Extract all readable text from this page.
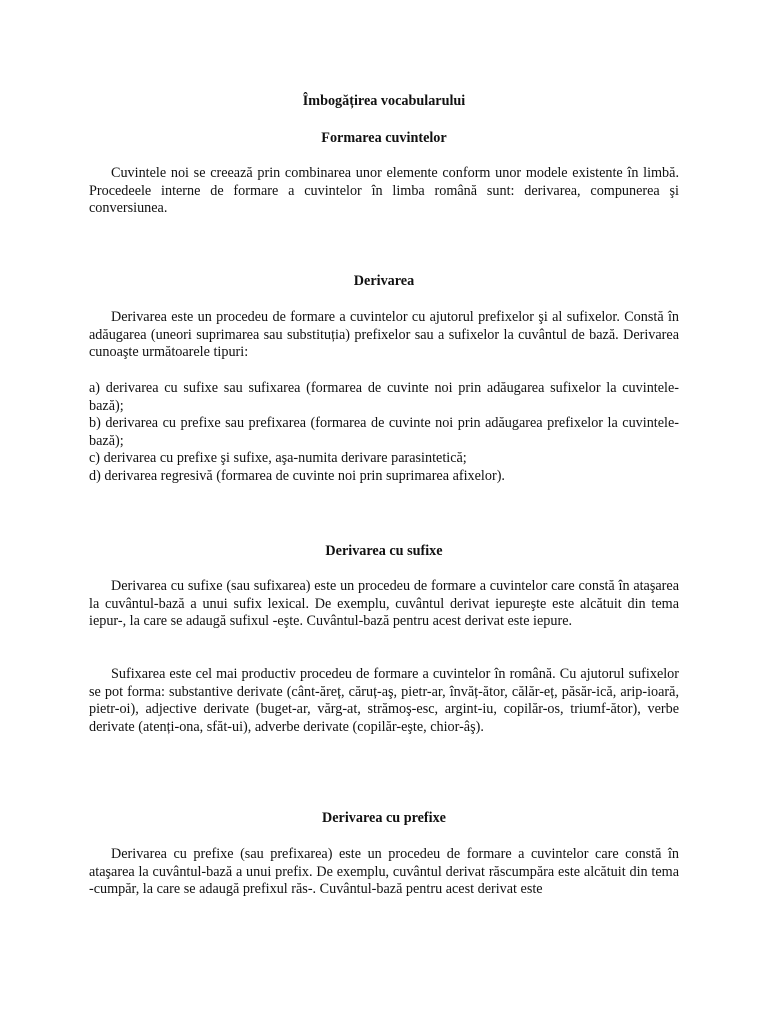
Îmbogățirea vocabularului

Formarea cuvintelor

Cuvintele noi se creează prin combinarea unor elemente conform unor modele existente în limbă. Procedeele interne de formare a cuvintelor în limba română sunt: derivarea, compunerea şi conversiunea.

Derivarea

Derivarea este un procedeu de formare a cuvintelor cu ajutorul prefixelor şi al sufixelor. Constă în adăugarea (uneori suprimarea sau substituția) prefixelor sau a sufixelor la cuvântul de bază. Derivarea cunoaşte următoarele tipuri:

a) derivarea cu sufixe sau sufixarea (formarea de cuvinte noi prin adăugarea sufixelor la cuvintele-bază);
b) derivarea cu prefixe sau prefixarea (formarea de cuvinte noi prin adăugarea prefixelor la cuvintele-bază);
c) derivarea cu prefixe şi sufixe, aşa-numita derivare parasintetică;
d) derivarea regresivă (formarea de cuvinte noi prin suprimarea afixelor).

Derivarea cu sufixe

Derivarea cu sufixe (sau sufixarea) este un procedeu de formare a cuvintelor care constă în ataşarea la cuvântul-bază a unui sufix lexical. De exemplu, cuvântul derivat iepureşte este alcătuit din tema iepur-, la care se adaugă sufixul -eşte. Cuvântul-bază pentru acest derivat este iepure.

Sufixarea este cel mai productiv procedeu de formare a cuvintelor în română. Cu ajutorul sufixelor se pot forma: substantive derivate (cânt-ăreț, căruț-aş, pietr-ar, învăț-ător, călăr-eț, păsăr-ică, arip-ioară, pietr-oi), adjective derivate (buget-ar, vărg-at, strămoş-esc, argint-iu, copilăr-os, triumf-ător), verbe derivate (atenți-ona, sfăt-ui), adverbe derivate (copilăr-eşte, chior-âş).

Derivarea cu prefixe

Derivarea cu prefixe (sau prefixarea) este un procedeu de formare a cuvintelor care constă în ataşarea la cuvântul-bază a unui prefix. De exemplu, cuvântul derivat răscumpăra este alcătuit din tema -cumpăr, la care se adaugă prefixul răs-. Cuvântul-bază pentru acest derivat este
